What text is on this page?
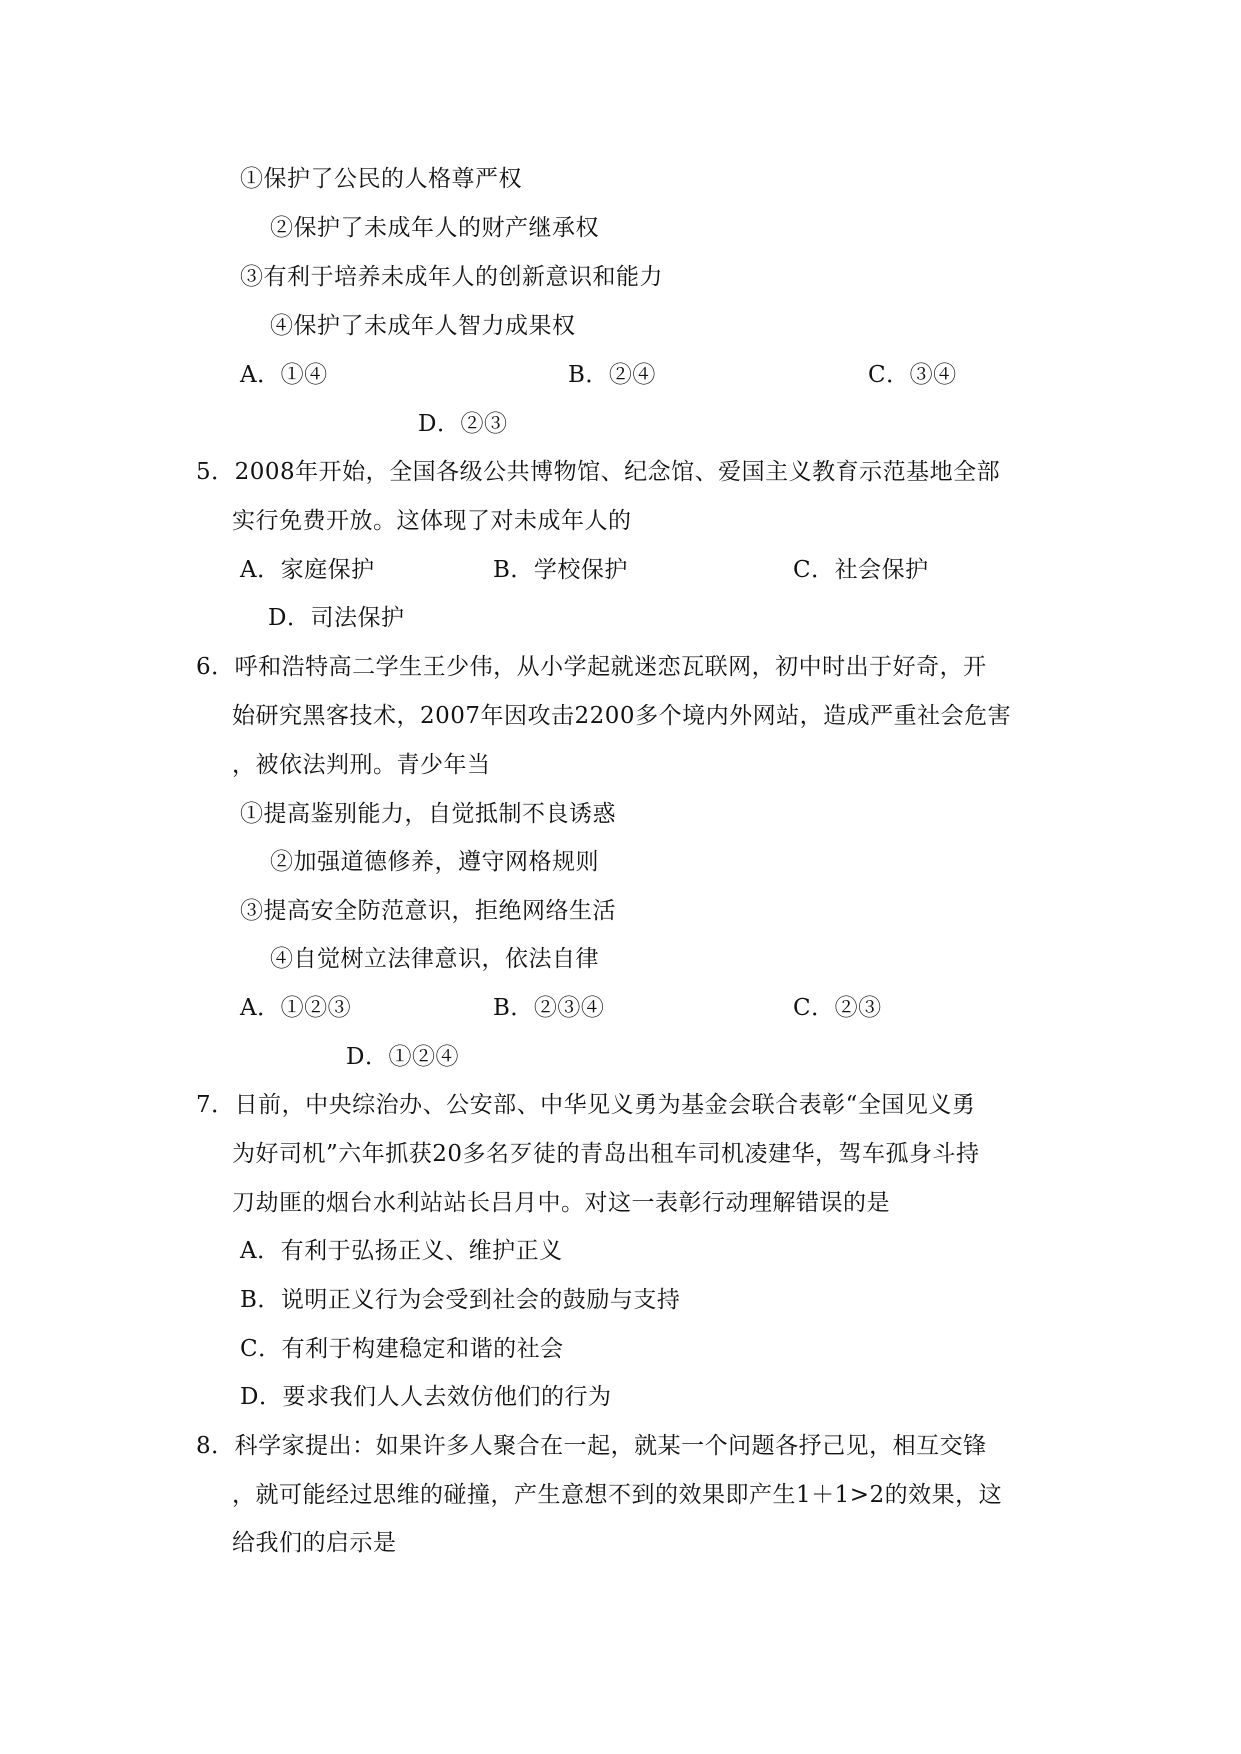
①保护了公民的人格尊严权
②保护了未成年人的财产继承权
③有利于培养未成年人的创新意识和能力
④保护了未成年人智力成果权
A．①④	B．②④	C．③④
D．②③
5．2008年开始，全国各级公共博物馆、纪念馆、爱国主义教育示范基地全部
实行免费开放。这体现了对未成年人的
A．家庭保护	B．学校保护	C．社会保护
D．司法保护
6．呼和浩特高二学生王少伟，从小学起就迷恋瓦联网，初中时出于好奇，开
始研究黑客技术，2007年因攻击2200多个境内外网站，造成严重社会危害
，被依法判刑。青少年当
①提高鉴别能力，自觉抵制不良诱惑
②加强道德修养，遵守网格规则
③提高安全防范意识，拒绝网络生活
④自觉树立法律意识，依法自律
A．①②③	B．②③④	C．②③
D．①②④
7．日前，中央综治办、公安部、中华见义勇为基金会联合表彰“全国见义勇
为好司机”六年抓获20多名歹徒的青岛出租车司机凌建华，驾车孤身斗持
刀劫匪的烟台水利站站长吕月中。对这一表彰行动理解错误的是
A．有利于弘扬正义、维护正义
B．说明正义行为会受到社会的鼓励与支持
C．有利于构建稳定和谐的社会
D．要求我们人人去效仿他们的行为
8．科学家提出：如果许多人聚合在一起，就某一个问题各抒己见，相互交锋
，就可能经过思维的碰撞，产生意想不到的效果即产生1＋1>2的效果，这
给我们的启示是
